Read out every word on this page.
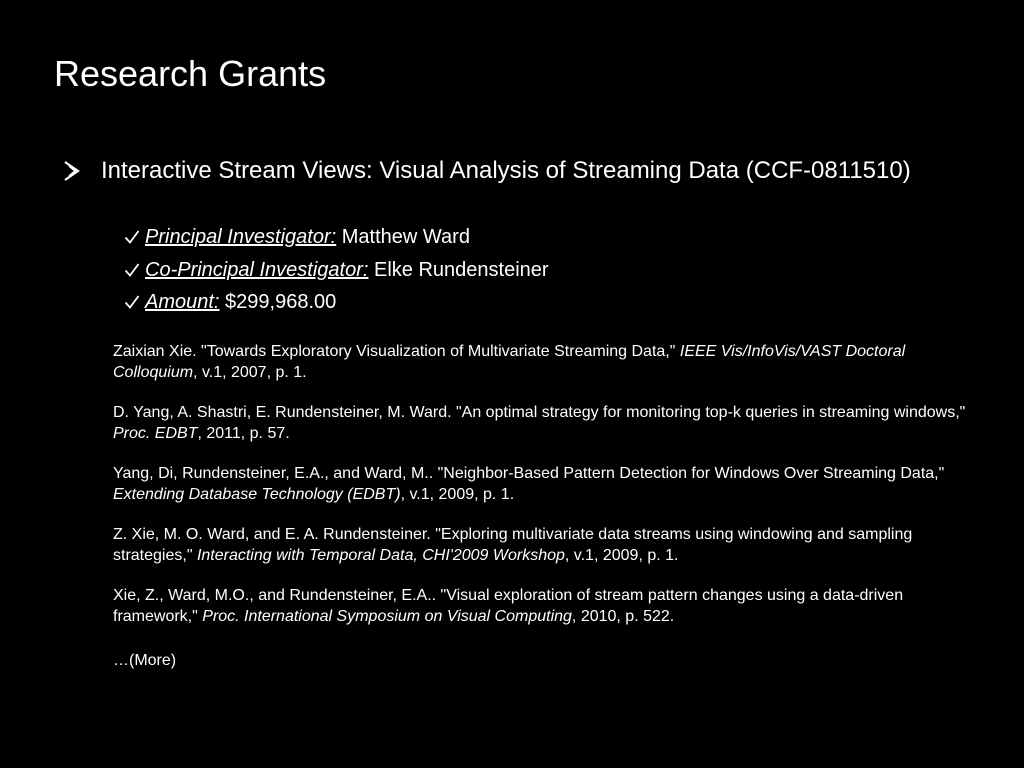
Research Grants
Interactive Stream Views: Visual Analysis of Streaming Data (CCF-0811510)
Principal Investigator: Matthew Ward
Co-Principal Investigator: Elke Rundensteiner
Amount: $299,968.00

Zaixian Xie. "Towards Exploratory Visualization of Multivariate Streaming Data," IEEE Vis/InfoVis/VAST Doctoral Colloquium, v.1, 2007, p. 1.

D. Yang, A. Shastri, E. Rundensteiner, M. Ward. "An optimal strategy for monitoring top-k queries in streaming windows," Proc. EDBT, 2011, p. 57.

Yang, Di, Rundensteiner, E.A., and Ward, M.. "Neighbor-Based Pattern Detection for Windows Over Streaming Data," Extending Database Technology (EDBT), v.1, 2009, p. 1.

Z. Xie, M. O. Ward, and E. A. Rundensteiner. "Exploring multivariate data streams using windowing and sampling strategies," Interacting with Temporal Data, CHI'2009 Workshop, v.1, 2009, p. 1.

Xie, Z., Ward, M.O., and Rundensteiner, E.A.. "Visual exploration of stream pattern changes using a data-driven framework," Proc. International Symposium on Visual Computing, 2010, p. 522.

…(More)
